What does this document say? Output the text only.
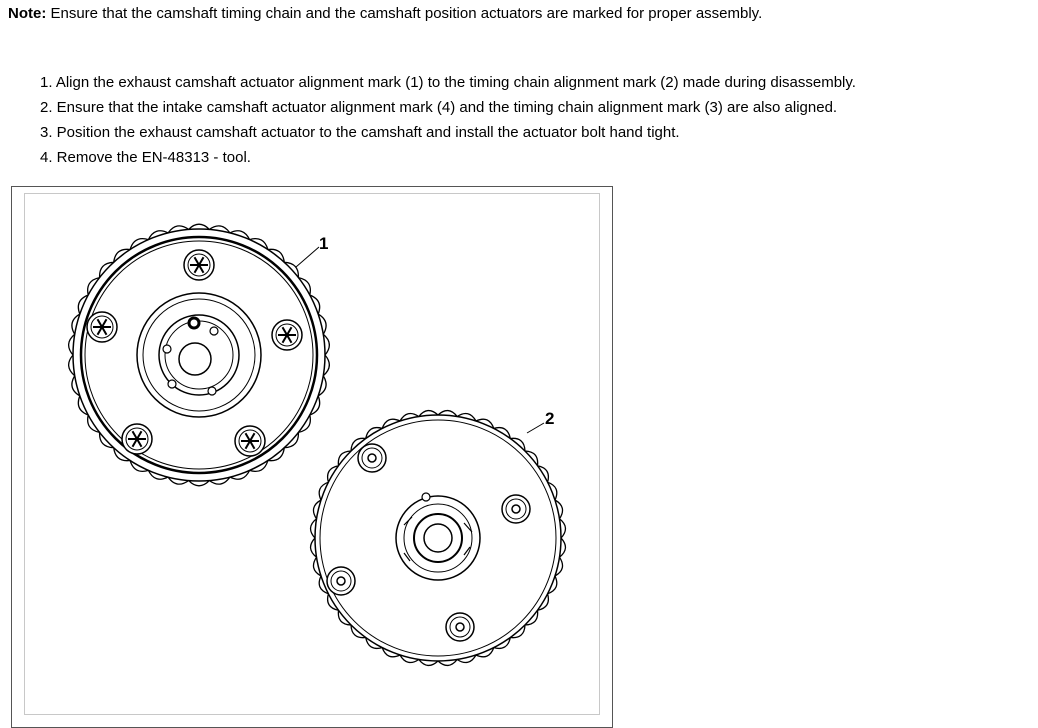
Note: Ensure that the camshaft timing chain and the camshaft position actuators are marked for proper assembly.
1. Align the exhaust camshaft actuator alignment mark (1) to the timing chain alignment mark (2) made during disassembly.
2. Ensure that the intake camshaft actuator alignment mark (4) and the timing chain alignment mark (3) are also aligned.
3. Position the exhaust camshaft actuator to the camshaft and install the actuator bolt hand tight.
4. Remove the EN-48313 - tool.
1
2
